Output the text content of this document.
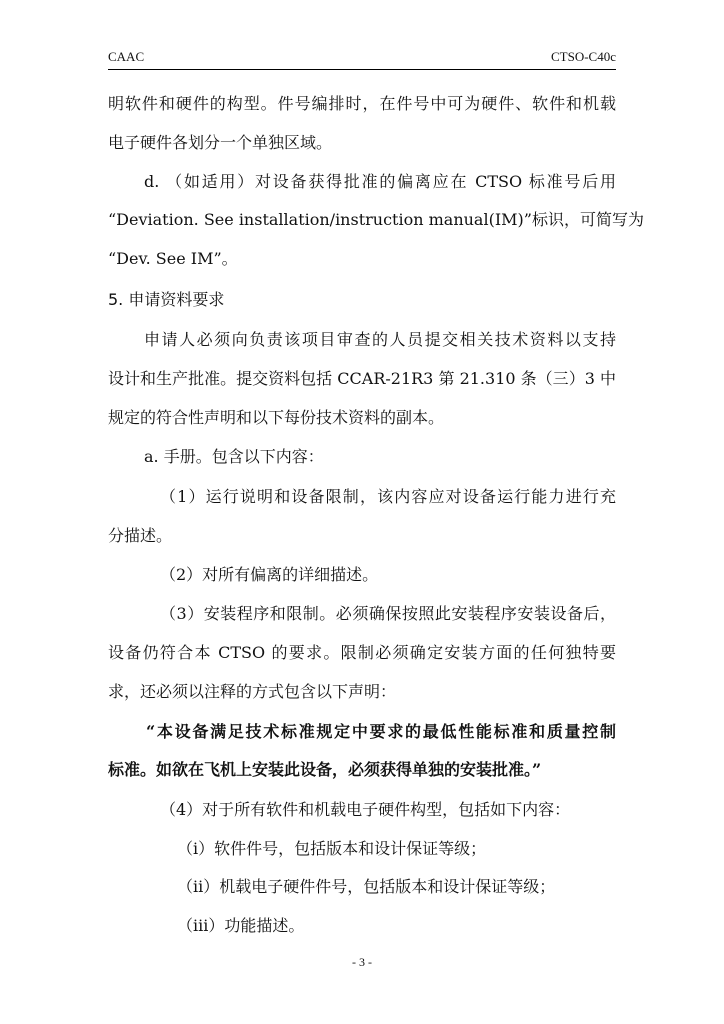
CAAC	CTSO-C40c
明软件和硬件的构型。件号编排时，在件号中可为硬件、软件和机载
电子硬件各划分一个单独区域。
d. （如适用）对设备获得批准的偏离应在 CTSO 标准号后用
“Deviation. See installation/instruction manual(IM)”标识，可简写为
“Dev. See IM”。
5. 申请资料要求
申请人必须向负责该项目审查的人员提交相关技术资料以支持
设计和生产批准。提交资料包括 CCAR-21R3 第 21.310 条（三）3 中
规定的符合性声明和以下每份技术资料的副本。
a. 手册。包含以下内容：
（1）运行说明和设备限制，该内容应对设备运行能力进行充
分描述。
（2）对所有偏离的详细描述。
（3）安装程序和限制。必须确保按照此安装程序安装设备后，
设备仍符合本 CTSO 的要求。限制必须确定安装方面的任何独特要
求，还必须以注释的方式包含以下声明：
“本设备满足技术标准规定中要求的最低性能标准和质量控制
标准。如欲在飞机上安装此设备，必须获得单独的安装批准。”
（4）对于所有软件和机载电子硬件构型，包括如下内容：
（i）软件件号，包括版本和设计保证等级；
（ii）机载电子硬件件号，包括版本和设计保证等级；
（iii）功能描述。
- 3 -
